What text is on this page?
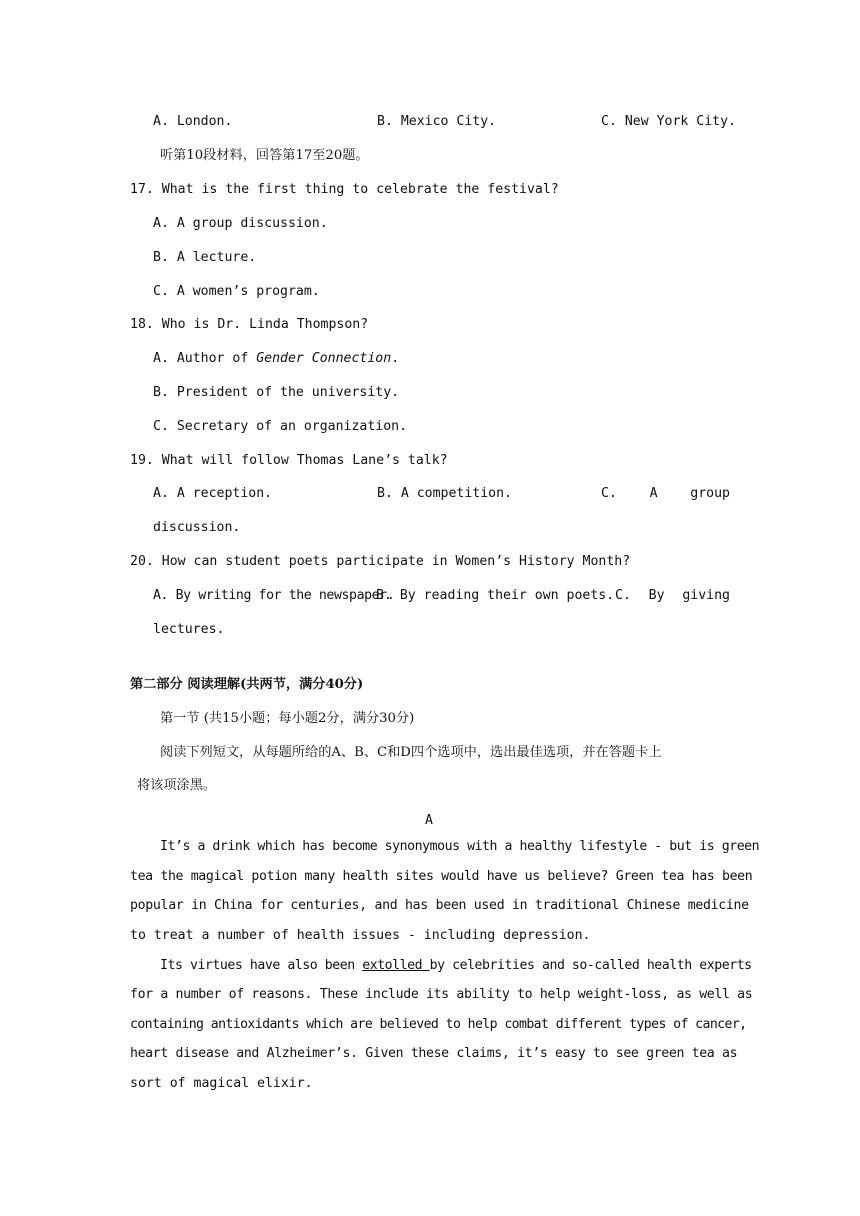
A. London.	B. Mexico City.	C. New York City.
听第10段材料，回答第17至20题。
17. What is the first thing to celebrate the festival?
A. A group discussion.
B. A lecture.
C. A women’s program.
18. Who is Dr. Linda Thompson?
A. Author of Gender Connection.
B. President of the university.
C. Secretary of an organization.
19. What will follow Thomas Lane’s talk?
A. A reception.	B. A competition.	C. A group
discussion.
20. How can student poets participate in Women’s History Month?
A. By writing for the newspaper.
B. By reading their own poets. C. By giving
lectures.
第二部分 阅读理解(共两节，满分40分)
第一节 (共15小题；每小题2分，满分30分)
阅读下列短文，从每题所给的A、B、C和D四个选项中，选出最佳选项，并在答题卡上
将该项涂黑。
A
It’s a drink which has become synonymous with a healthy lifestyle - but is green
tea the magical potion many health sites would have us believe? Green tea has been
popular in China for centuries, and has been used in traditional Chinese medicine
to treat a number of health issues - including depression.
Its virtues have also been extolled by celebrities and so-called health experts
for a number of reasons. These include its ability to help weight-loss, as well as
containing antioxidants which are believed to help combat different types of cancer,
heart disease and Alzheimer’s. Given these claims, it’s easy to see green tea as
sort of magical elixir.
